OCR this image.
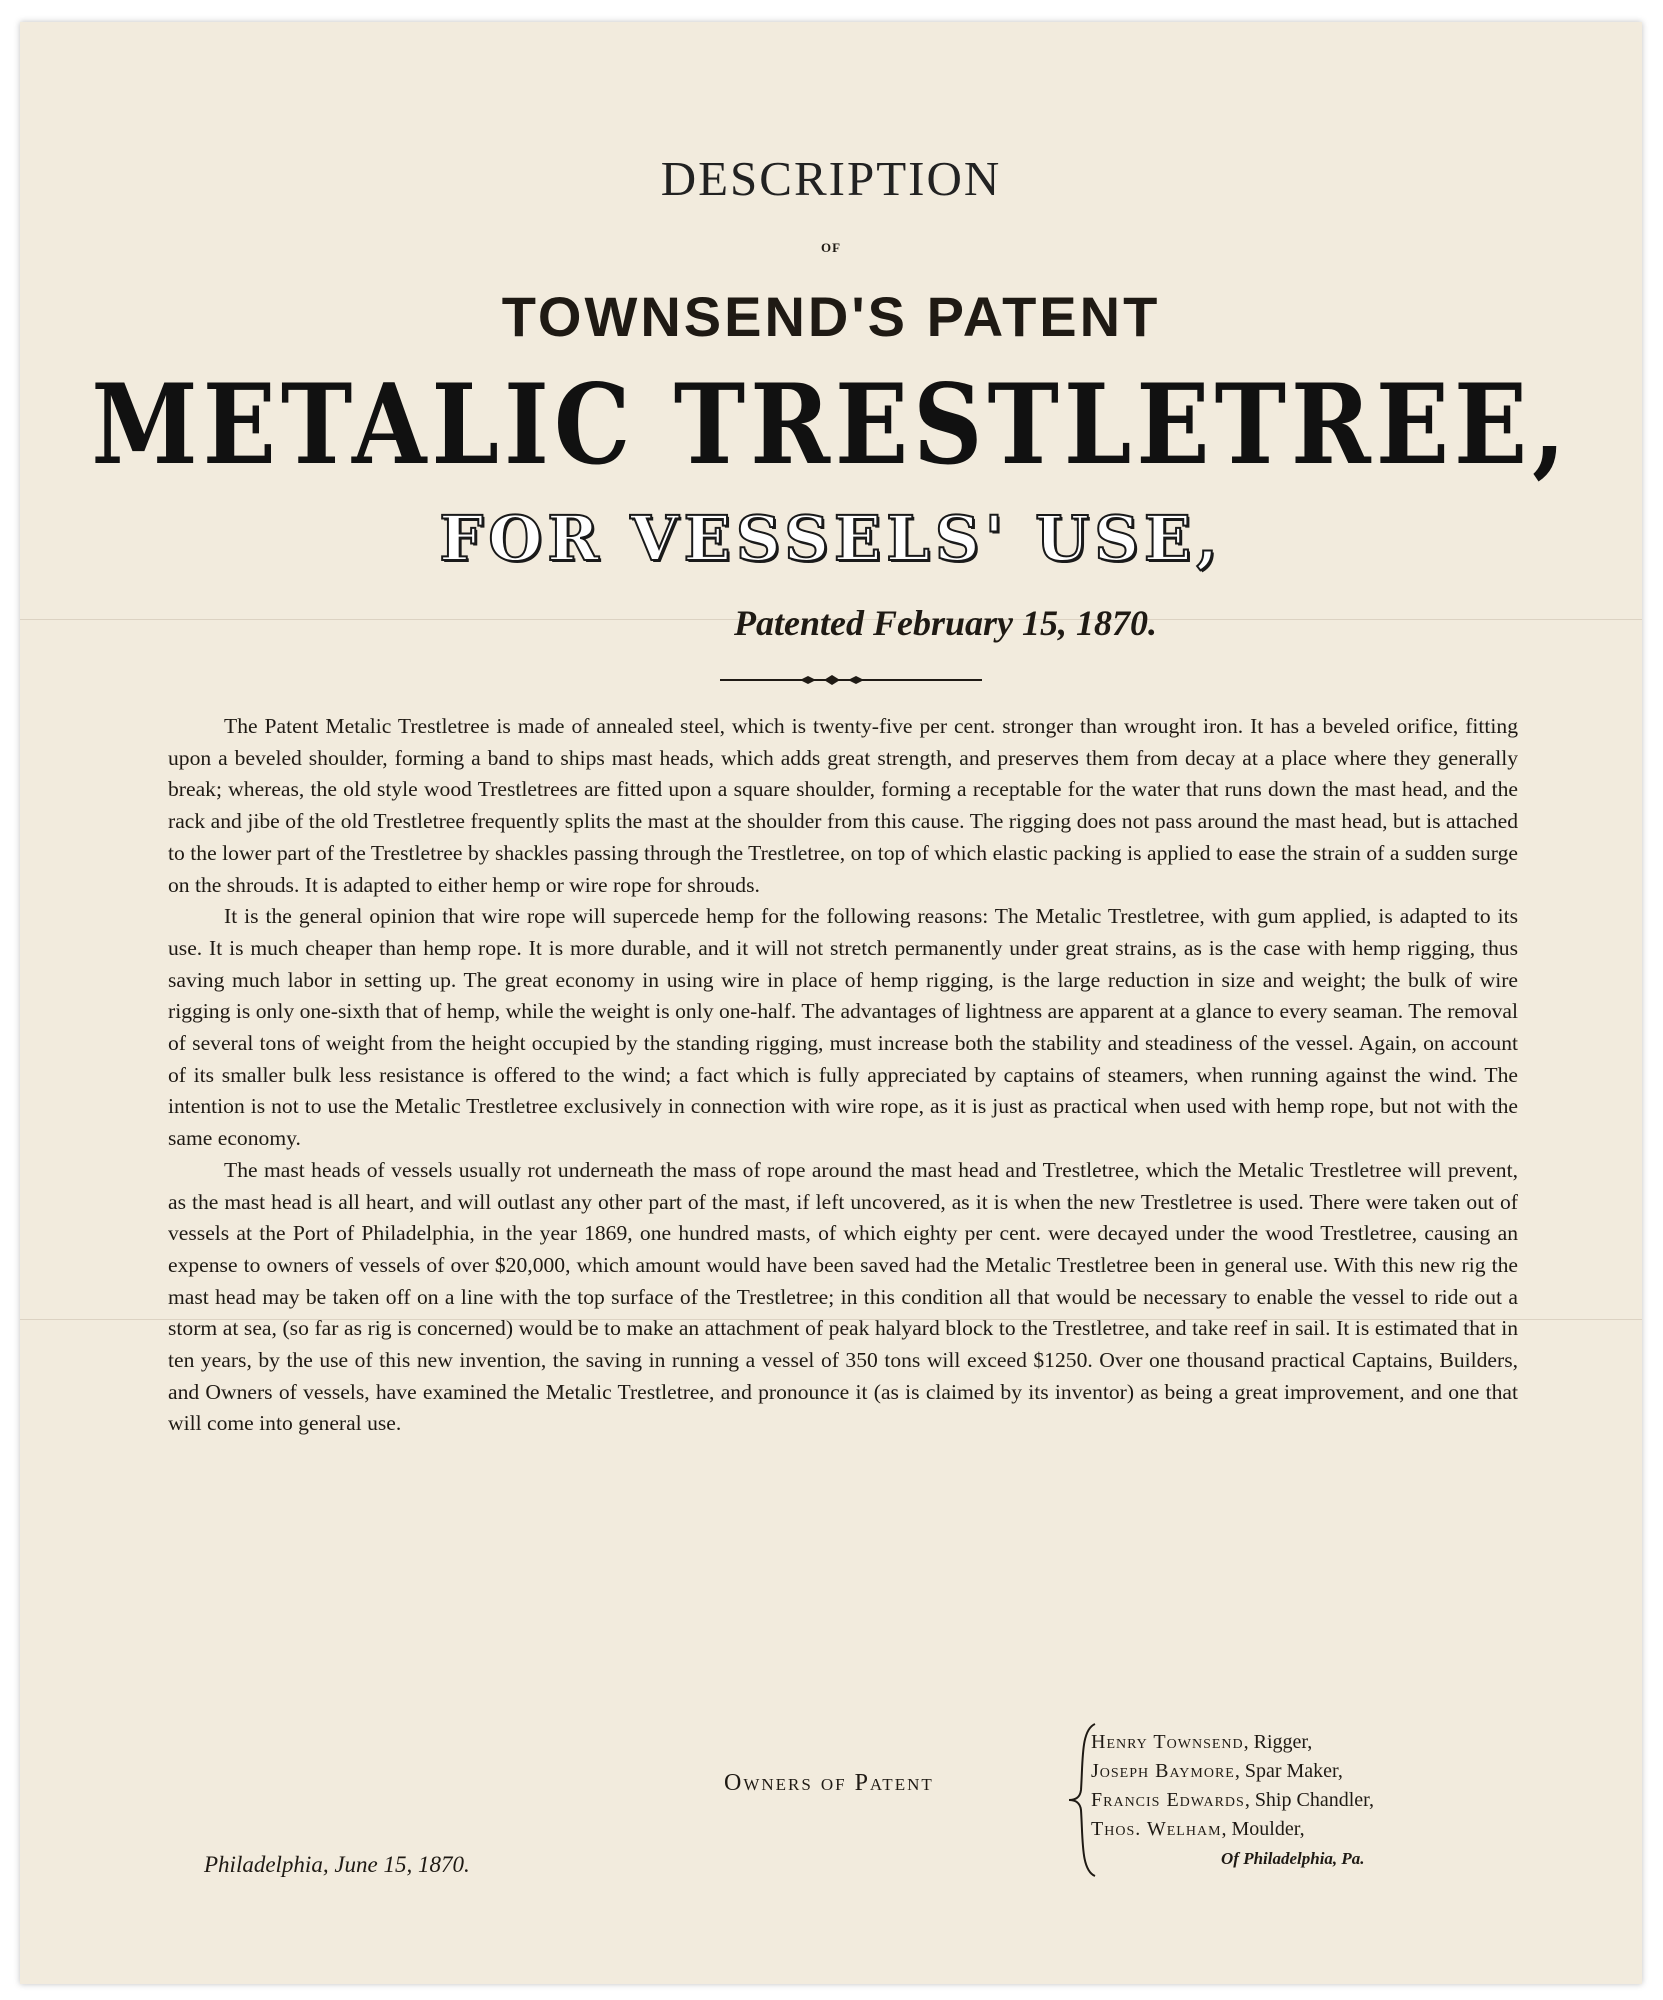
DESCRIPTION
OF
TOWNSEND'S PATENT
METALIC TRESTLETREE,
FOR VESSELS' USE,
Patented February 15, 1870.

The Patent Metalic Trestletree is made of annealed steel, which is twenty-five per cent. stronger than wrought iron. It has a beveled orifice, fitting upon a beveled shoulder, forming a band to ships mast heads, which adds great strength, and preserves them from decay at a place where they generally break; whereas, the old style wood Trestletrees are fitted upon a square shoulder, forming a receptable for the water that runs down the mast head, and the rack and jibe of the old Trestletree frequently splits the mast at the shoulder from this cause. The rigging does not pass around the mast head, but is attached to the lower part of the Trestletree by shackles passing through the Trestletree, on top of which elastic packing is applied to ease the strain of a sudden surge on the shrouds. It is adapted to either hemp or wire rope for shrouds.

It is the general opinion that wire rope will supercede hemp for the following reasons: The Metalic Trestletree, with gum applied, is adapted to its use. It is much cheaper than hemp rope. It is more durable, and it will not stretch permanently under great strains, as is the case with hemp rigging, thus saving much labor in setting up. The great economy in using wire in place of hemp rigging, is the large reduction in size and weight; the bulk of wire rigging is only one-sixth that of hemp, while the weight is only one-half. The advantages of lightness are apparent at a glance to every seaman. The removal of several tons of weight from the height occupied by the standing rigging, must increase both the stability and steadiness of the vessel. Again, on account of its smaller bulk less resistance is offered to the wind; a fact which is fully appreciated by captains of steamers, when running against the wind. The intention is not to use the Metalic Trestletree exclusively in connection with wire rope, as it is just as practical when used with hemp rope, but not with the same economy.

The mast heads of vessels usually rot underneath the mass of rope around the mast head and Trestletree, which the Metalic Trestletree will prevent, as the mast head is all heart, and will outlast any other part of the mast, if left uncovered, as it is when the new Trestletree is used. There were taken out of vessels at the Port of Philadelphia, in the year 1869, one hundred masts, of which eighty per cent. were decayed under the wood Trestletree, causing an expense to owners of vessels of over $20,000, which amount would have been saved had the Metalic Trestletree been in general use. With this new rig the mast head may be taken off on a line with the top surface of the Trestletree; in this condition all that would be necessary to enable the vessel to ride out a storm at sea, (so far as rig is concerned) would be to make an attachment of peak halyard block to the Trestletree, and take reef in sail. It is estimated that in ten years, by the use of this new invention, the saving in running a vessel of 350 tons will exceed $1250. Over one thousand practical Captains, Builders, and Owners of vessels, have examined the Metalic Trestletree, and pronounce it (as is claimed by its inventor) as being a great improvement, and one that will come into general use.

Owners of Patent
Henry Townsend, Rigger,
Joseph Baymore, Spar Maker,
Francis Edwards, Ship Chandler,
Thos. Welham, Moulder,
Of Philadelphia, Pa.
Philadelphia, June 15, 1870.
